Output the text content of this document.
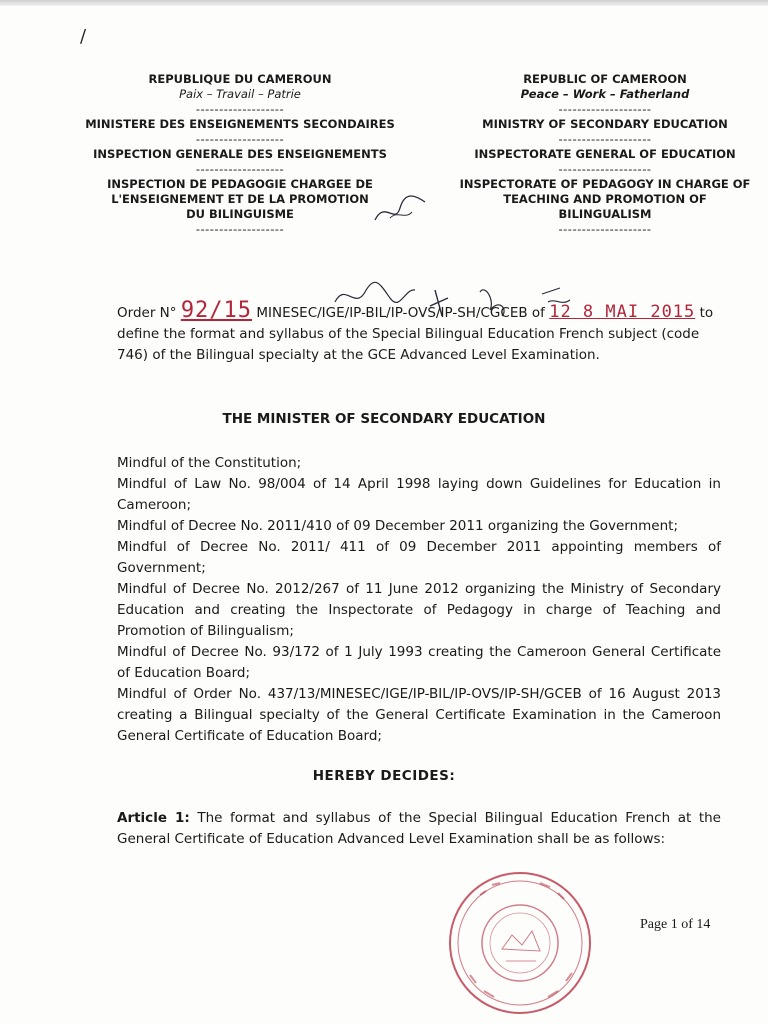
/
REPUBLIQUE DU CAMEROUN
Paix – Travail – Patrie
-------------------
MINISTERE DES ENSEIGNEMENTS SECONDAIRES
-------------------
INSPECTION GENERALE DES ENSEIGNEMENTS
-------------------
INSPECTION DE PEDAGOGIE CHARGEE DE
L'ENSEIGNEMENT ET DE LA PROMOTION
DU BILINGUISME
-------------------
REPUBLIC OF CAMEROON
Peace – Work – Fatherland
--------------------
MINISTRY OF SECONDARY EDUCATION
--------------------
INSPECTORATE GENERAL OF EDUCATION
--------------------
INSPECTORATE OF PEDAGOGY IN CHARGE OF
TEACHING AND PROMOTION OF
BILINGUALISM
--------------------
Order N° 92/15 MINESEC/IGE/IP-BIL/IP-OVS/IP-SH/CGCEB of 12 8 MAI 2015 to define the format and syllabus of the Special Bilingual Education French subject (code 746) of the Bilingual specialty at the GCE Advanced Level Examination.
THE MINISTER OF SECONDARY EDUCATION

Mindful of the Constitution;

Mindful of Law No. 98/004 of 14 April 1998 laying down Guidelines for Education in Cameroon;

Mindful of Decree No. 2011/410 of 09 December 2011 organizing the Government;

Mindful of Decree No. 2011/ 411 of 09 December 2011 appointing members of Government;

Mindful of Decree No. 2012/267 of 11 June 2012 organizing the Ministry of Secondary Education and creating the Inspectorate of Pedagogy in charge of Teaching and Promotion of Bilingualism;

Mindful of Decree No. 93/172 of 1 July 1993 creating the Cameroon General Certificate of Education Board;

Mindful of Order No. 437/13/MINESEC/IGE/IP-BIL/IP-OVS/IP-SH/GCEB of 16 August 2013 creating a Bilingual specialty of the General Certificate Examination in the Cameroon General Certificate of Education Board;

HEREBY DECIDES:
Article 1: The format and syllabus of the Special Bilingual Education French at the General Certificate of Education Advanced Level Examination shall be as follows:
Page 1 of 14
